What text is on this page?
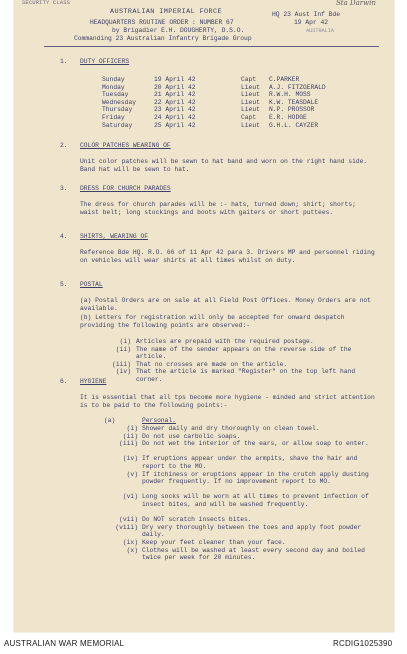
SECURITY CLASS	Sta Darwin
AUSTRALIAN IMPERIAL FORCE	HQ 23 Aust Inf Bde
HEADQUARTERS ROUTINE ORDER : NUMBER 67	19 Apr 42
by Brigadier E.H. DOUGHERTY, D.S.O.	AUSTRALIA
Commanding 23 Australian Infantry Brigade Group
1. DUTY OFFICERS
Sunday	19 April 42	Capt C.PARKER
Monday	20 April 42	Lieut A.J. FITZGERALD
Tuesday	21 April 42	Lieut R.W.H. MOSS
Wednesday	22 April 42	Lieut K.W. TEASDALE
Thursday	23 April 42	Lieut N.P. PROSSOR
Friday	24 April 42	Capt E.R. HODGE
Saturday	25 April 42	Lieut G.H.L. CAYZER
2. COLOR PATCHES WEARING OF
Unit color patches will be sewn to hat band and worn on the right hand side. Band hat will be sewn to hat.
3. DRESS FOR CHURCH PARADES
The dress for church parades will be :- hats, turned down; shirt; shorts; waist belt; long stockings and boots with gaiters or short puttees.
4. SHIRTS, WEARING OF
Reference Bde HQ. R.O. 66 of 11 Apr 42 para 3. Drivers MP and personnel riding on vehicles will wear shirts at all times whilst on duty.
5. POSTAL
(a) Postal Orders are on sale at all Field Post Offices. Money Orders are not available.
(b) Letters for registration will only be accepted for onward despatch providing the following points are observed:-
(i) Articles are prepaid with the required postage.
(ii) The name of the sender appears on the reverse side of the article.
(iii) That no crosses are made on the article.
(iv) That the article is marked "Register" on the top left hand corner.
6. HYGIENE
It is essential that all tps become more hygiene - minded and strict attention is to be paid to the following points:-
(a)	Personal.
(i) Shower daily and dry thoroughly on clean towel.
(ii) Do not use carbolic soaps.
(iii) Do not wet the interior of the ears, or allow soap to enter.
(iv) If eruptions appear under the armpits, shave the hair and report to the MO.
(v) If itchiness or eruptions appear in the crutch apply dusting powder frequently. If no improvement report to MO.
(vi) Long socks will be worn at all times to prevent infection of insect bites, and will be washed frequently.
(vii) Do NOT scratch insects bites.
(viii) Dry very thoroughly between the toes and apply foot powder daily.
(ix) Keep your feet cleaner than your face.
(x) Clothes will be washed at least every second day and boiled twice per week for 20 minutes.
AUSTRALIAN WAR MEMORIAL	RCDIG1025390
